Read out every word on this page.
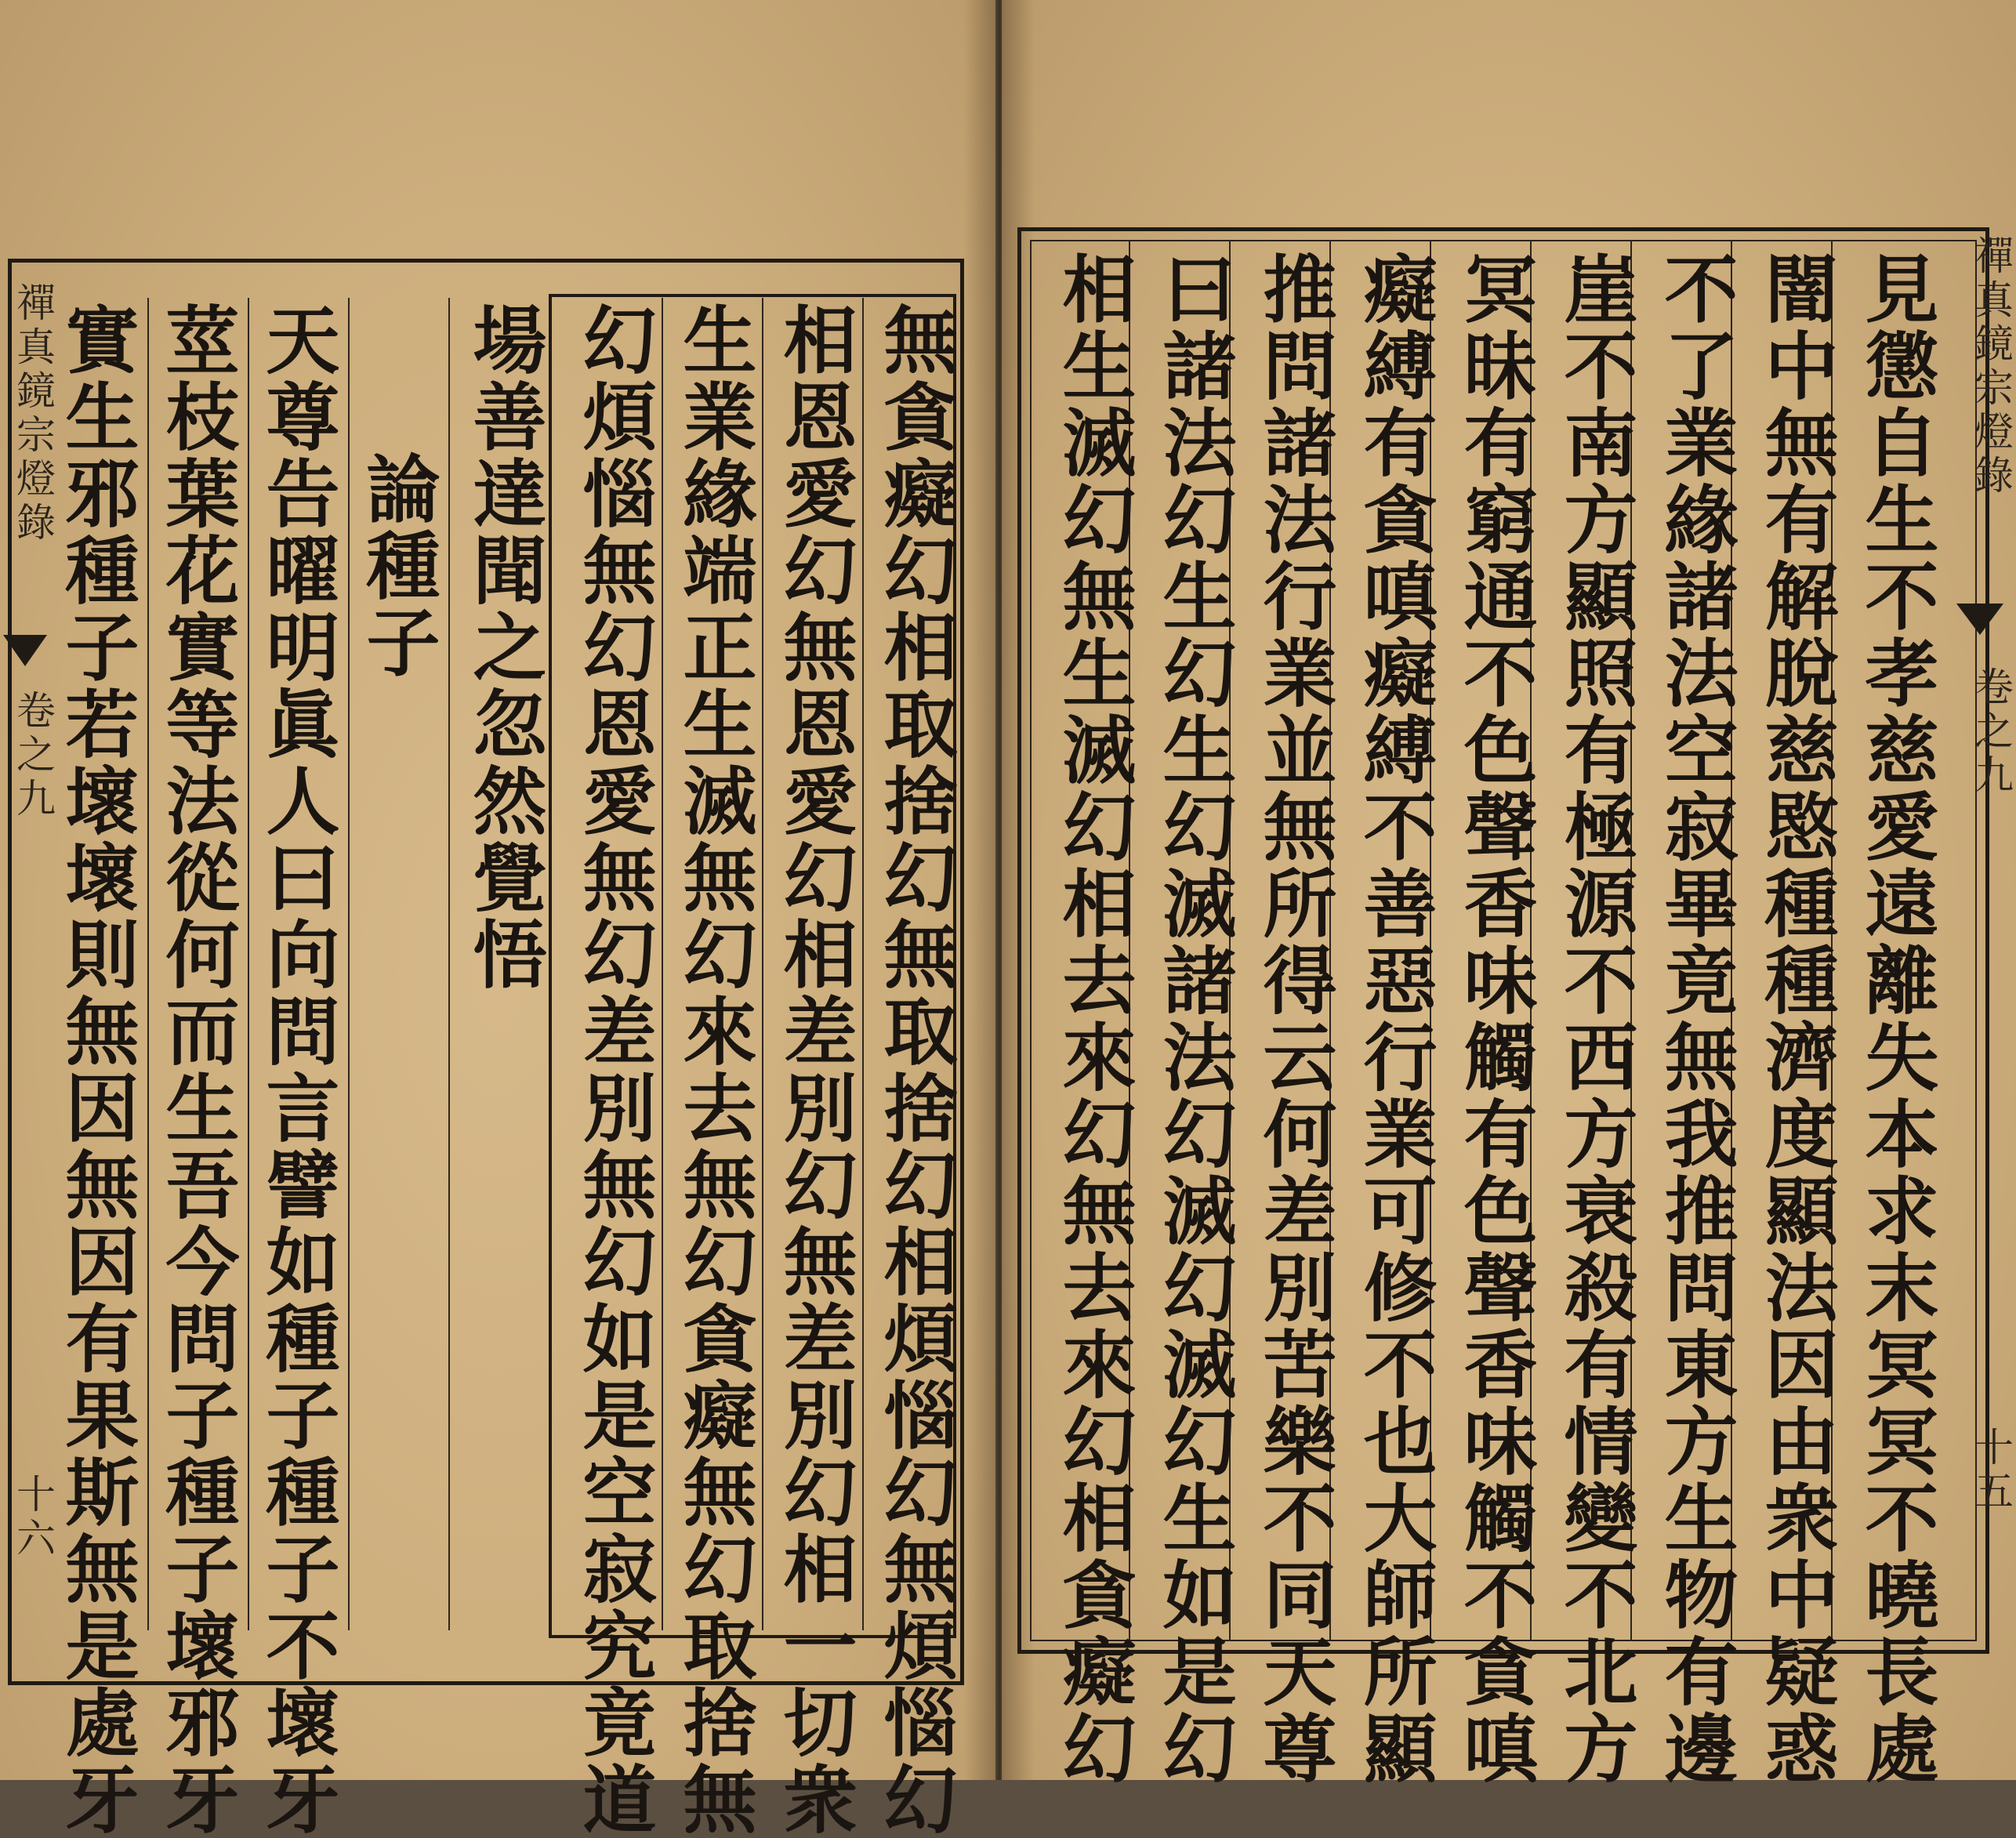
見懲自生不孝慈愛遠離失本求末冥冥不曉長處
闇中無有解脫慈愍種種濟度顯法因由衆中疑惑
不了業緣諸法空寂畢竟無我推問東方生物有邊
崖不南方顯照有極源不西方衰殺有情變不北方
冥昧有窮通不色聲香味觸有色聲香味觸不貪嗔
癡縛有貪嗔癡縛不善惡行業可修不也大師所顯
推問諸法行業並無所得云何差別苦樂不同天尊
曰諸法幻生幻生幻滅諸法幻滅幻滅幻生如是幻
相生滅幻無生滅幻相去來幻無去來幻相貪癡幻	禪真鏡宗燈錄
卷之九
十五
無貪癡幻相取捨幻無取捨幻相煩惱幻無煩惱幻
相恩愛幻無恩愛幻相差別幻無差別幻相一切衆
生業緣端正生滅無幻來去無幻貪癡無幻取捨無
幻煩惱無幻恩愛無幻差別無幻如是空寂究竟道
場善達聞之忽然覺悟
論種子
天尊告曜明眞人曰向問言譬如種子種子不壞牙
莖枝葉花實等法從何而生吾今問子種子壞邪牙
實生邪種子若壞壞則無因無因有果斯無是處牙
禪真鏡宗燈錄
卷之九
十六
